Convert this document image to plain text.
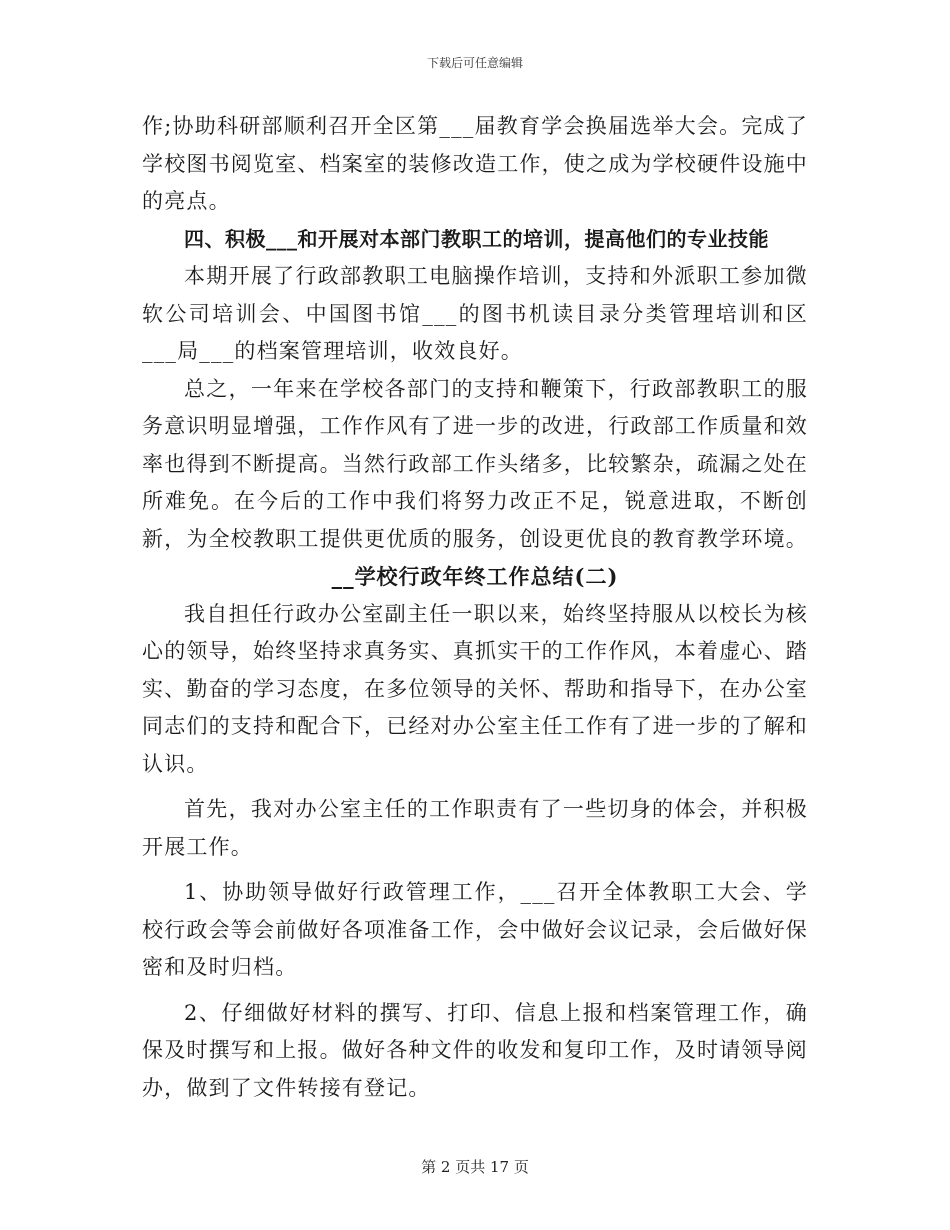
下载后可任意编辑

作;协助科研部顺利召开全区第___届教育学会换届选举大会。完成了学校图书阅览室、档案室的装修改造工作，使之成为学校硬件设施中的亮点。

四、积极___和开展对本部门教职工的培训，提高他们的专业技能

本期开展了行政部教职工电脑操作培训，支持和外派职工参加微软公司培训会、中国图书馆___的图书机读目录分类管理培训和区___局___的档案管理培训，收效良好。

总之，一年来在学校各部门的支持和鞭策下，行政部教职工的服务意识明显增强，工作作风有了进一步的改进，行政部工作质量和效率也得到不断提高。当然行政部工作头绪多，比较繁杂，疏漏之处在所难免。在今后的工作中我们将努力改正不足，锐意进取，不断创新，为全校教职工提供更优质的服务，创设更优良的教育教学环境。

__学校行政年终工作总结(二)

我自担任行政办公室副主任一职以来，始终坚持服从以校长为核心的领导，始终坚持求真务实、真抓实干的工作作风，本着虚心、踏实、勤奋的学习态度，在多位领导的关怀、帮助和指导下，在办公室同志们的支持和配合下，已经对办公室主任工作有了进一步的了解和认识。

首先，我对办公室主任的工作职责有了一些切身的体会，并积极开展工作。

1、协助领导做好行政管理工作，___召开全体教职工大会、学校行政会等会前做好各项准备工作，会中做好会议记录，会后做好保密和及时归档。

2、仔细做好材料的撰写、打印、信息上报和档案管理工作，确保及时撰写和上报。做好各种文件的收发和复印工作，及时请领导阅办，做到了文件转接有登记。

第 2 页共 17 页
